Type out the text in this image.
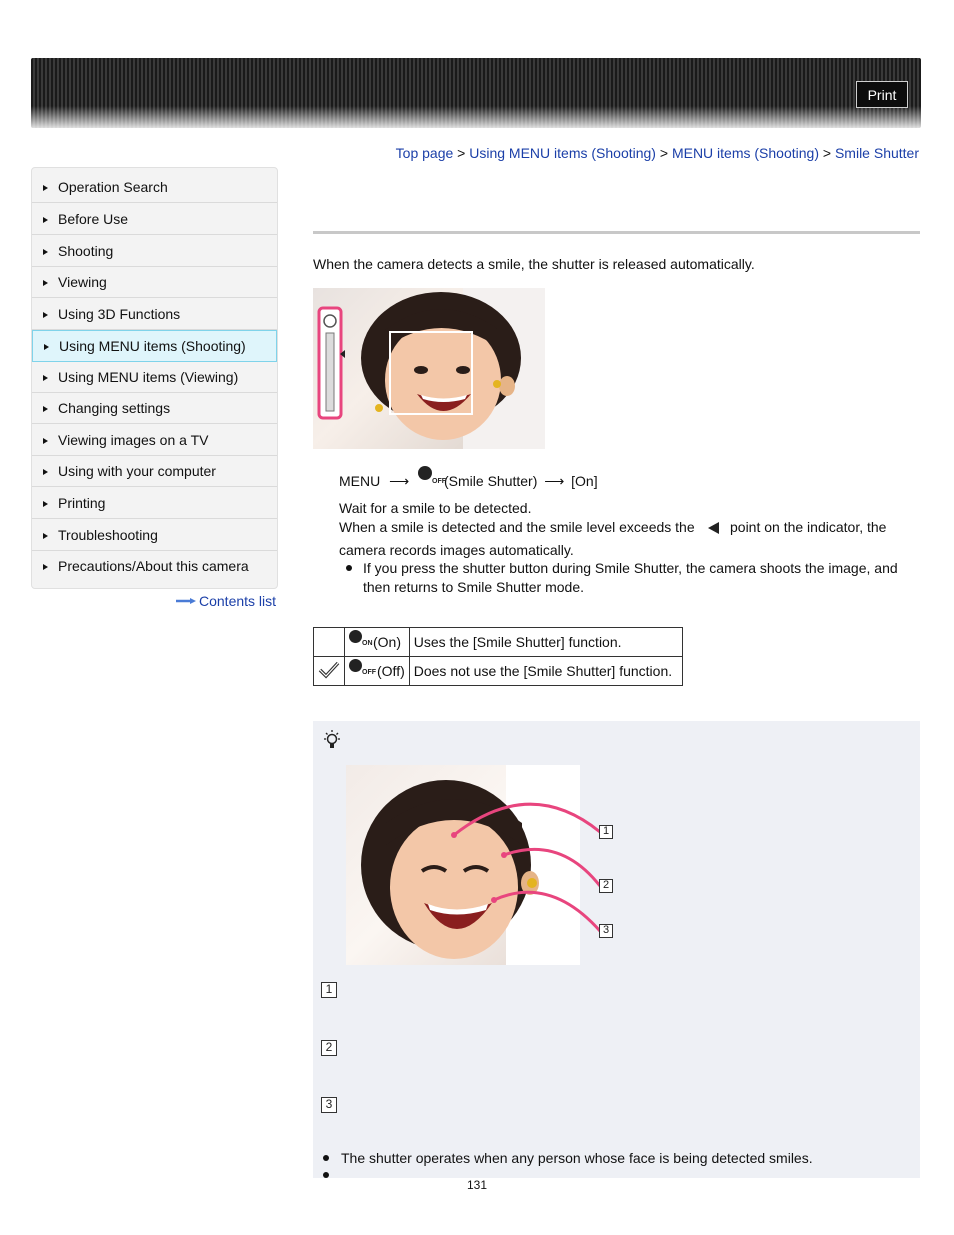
Print
Top page > Using MENU items (Shooting) > MENU items (Shooting) > Smile Shutter
Operation Search
Before Use
Shooting
Viewing
Using 3D Functions
Using MENU items (Shooting)
Using MENU items (Viewing)
Changing settings
Viewing images on a TV
Using with your computer
Printing
Troubleshooting
Precautions/About this camera
Contents list
When the camera detects a smile, the shutter is released automatically.
MENU ⟶	OFF
(Smile Shutter) ⟶ [On]
Wait for a smile to be detected.
When a smile is detected and the smile level exceeds the	point on the indicator, the
camera records images automatically.
If you press the shutter button during Smile Shutter, the camera shoots the image, and
then returns to Smile Shutter mode.

	ON (On)	Uses the [Smile Shutter] function.

OFF (Off)	Does not use the [Smile Shutter] function.
1
2
3
1
2
3
The shutter operates when any person whose face is being detected smiles.
131
